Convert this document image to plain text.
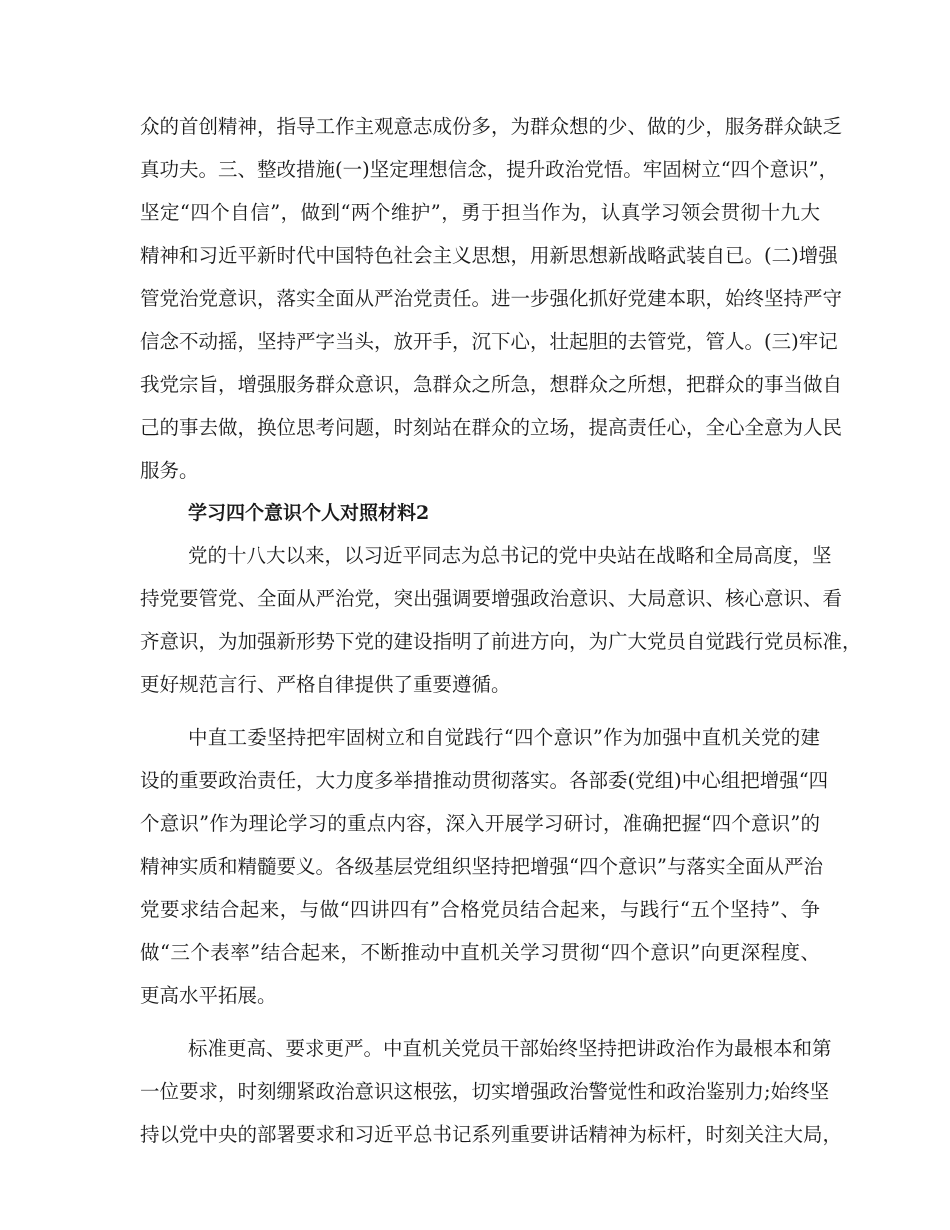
众的首创精神，指导工作主观意志成份多，为群众想的少、做的少，服务群众缺乏
真功夫。三、整改措施(一)坚定理想信念，提升政治党悟。牢固树立“四个意识”，
坚定“四个自信”，做到“两个维护”，勇于担当作为，认真学习领会贯彻十九大
精神和习近平新时代中国特色社会主义思想，用新思想新战略武装自已。(二)增强
管党治党意识，落实全面从严治党责任。进一步强化抓好党建本职，始终坚持严守
信念不动摇，坚持严字当头，放开手，沉下心，壮起胆的去管党，管人。(三)牢记
我党宗旨，增强服务群众意识，急群众之所急，想群众之所想，把群众的事当做自
己的事去做，换位思考问题，时刻站在群众的立场，提高责任心，全心全意为人民
服务。
学习四个意识个人对照材料2
党的十八大以来，以习近平同志为总书记的党中央站在战略和全局高度，坚
持党要管党、全面从严治党，突出强调要增强政治意识、大局意识、核心意识、看
齐意识，为加强新形势下党的建设指明了前进方向，为广大党员自觉践行党员标准，
更好规范言行、严格自律提供了重要遵循。
中直工委坚持把牢固树立和自觉践行“四个意识”作为加强中直机关党的建
设的重要政治责任，大力度多举措推动贯彻落实。各部委(党组)中心组把增强“四
个意识”作为理论学习的重点内容，深入开展学习研讨，准确把握“四个意识”的
精神实质和精髓要义。各级基层党组织坚持把增强“四个意识”与落实全面从严治
党要求结合起来，与做“四讲四有”合格党员结合起来，与践行“五个坚持”、争
做“三个表率”结合起来，不断推动中直机关学习贯彻“四个意识”向更深程度、
更高水平拓展。
标准更高、要求更严。中直机关党员干部始终坚持把讲政治作为最根本和第
一位要求，时刻绷紧政治意识这根弦，切实增强政治警觉性和政治鉴别力;始终坚
持以党中央的部署要求和习近平总书记系列重要讲话精神为标杆，时刻关注大局，
